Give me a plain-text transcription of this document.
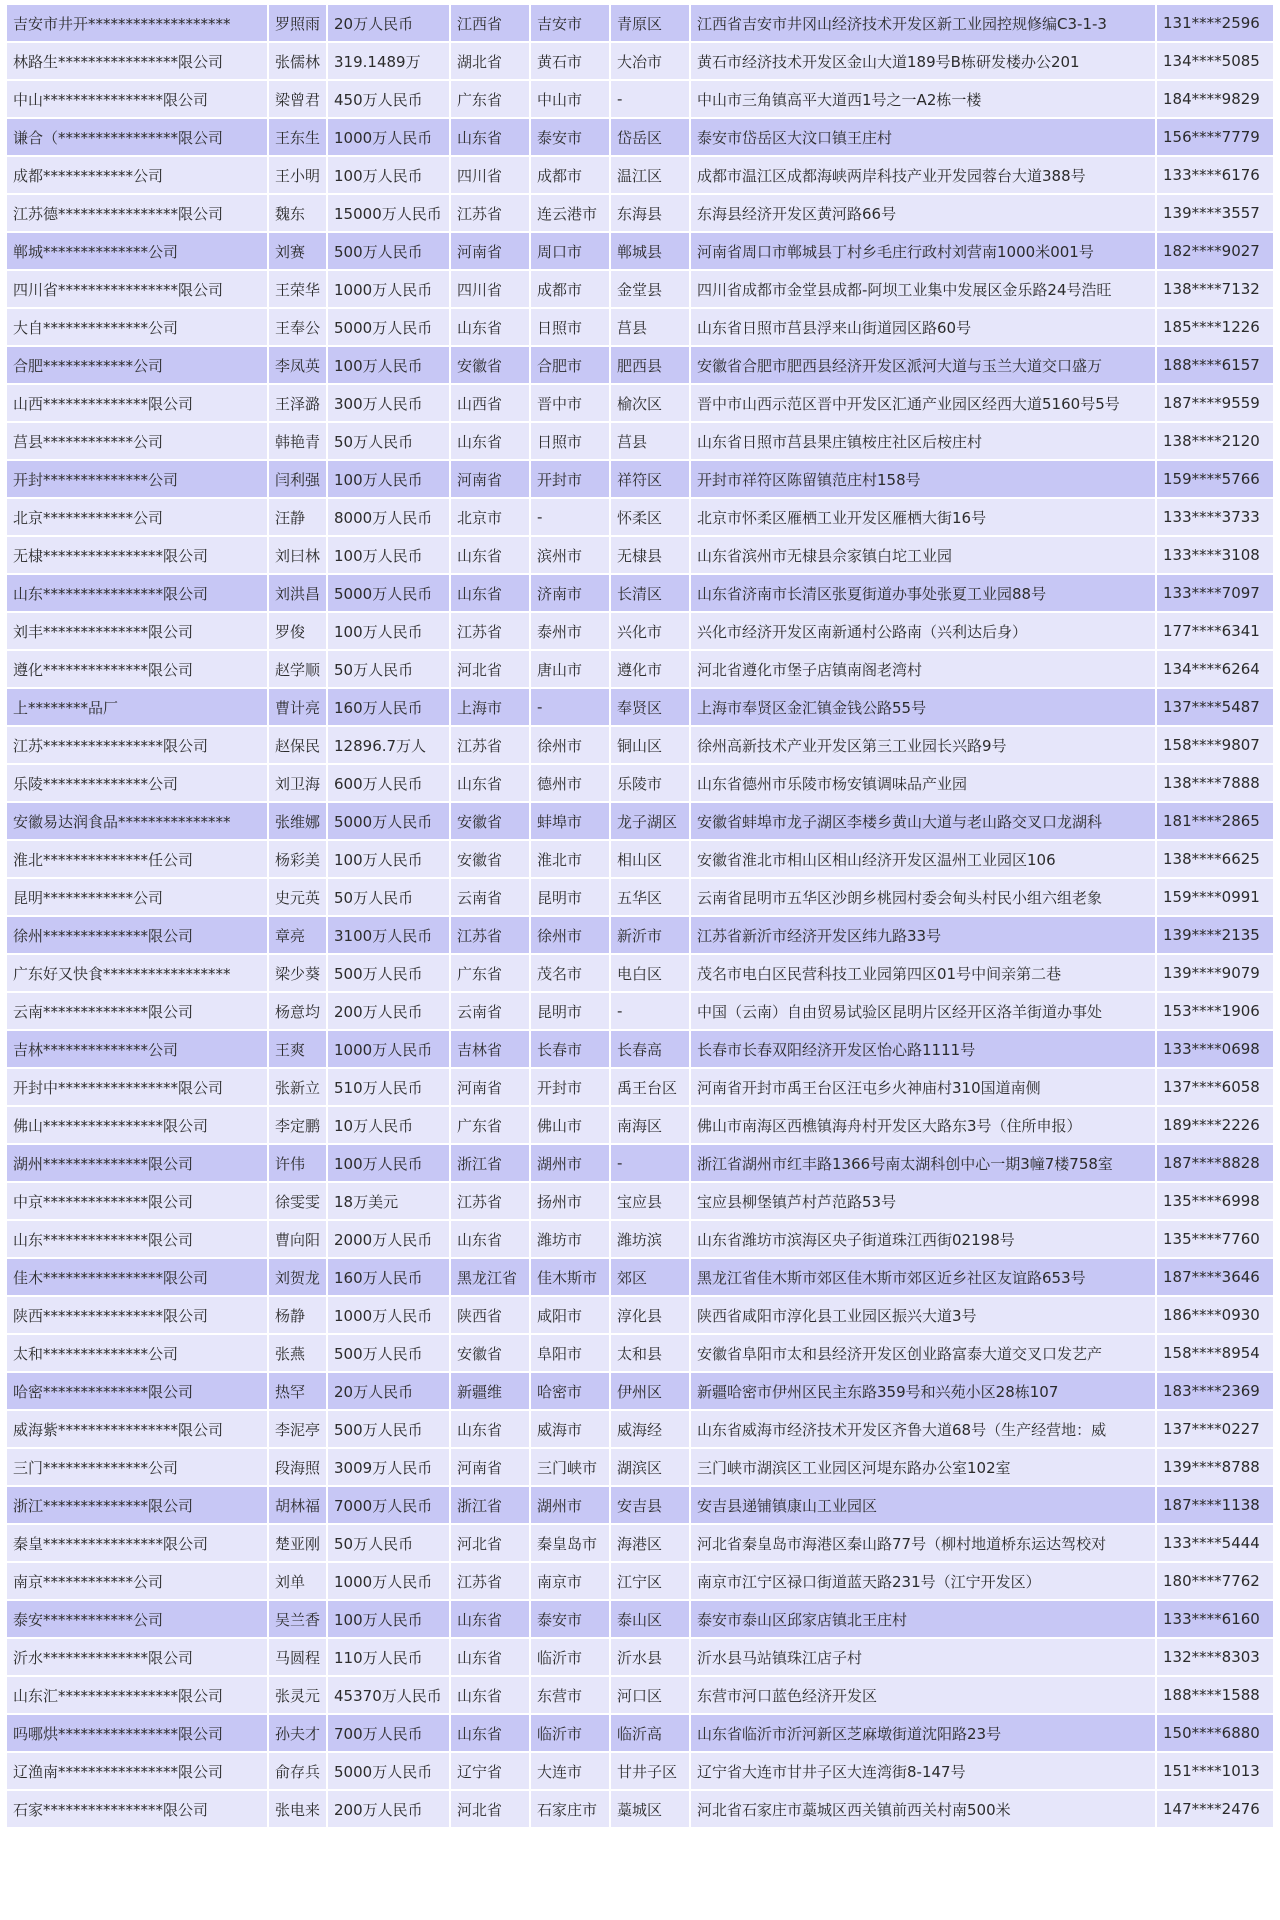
吉安市井开*******************	罗照雨	20万人民币	江西省	吉安市	青原区	江西省吉安市井冈山经济技术开发区新工业园控规修编C3-1-3	131****2596
林路生****************限公司	张儒林	319.1489万	湖北省	黄石市	大冶市	黄石市经济技术开发区金山大道189号B栋研发楼办公201	134****5085
中山****************限公司	梁曾君	450万人民币	广东省	中山市	-	中山市三角镇高平大道西1号之一A2栋一楼	184****9829
谦合（****************限公司	王东生	1000万人民币	山东省	泰安市	岱岳区	泰安市岱岳区大汶口镇王庄村	156****7779
成都************公司	王小明	100万人民币	四川省	成都市	温江区	成都市温江区成都海峡两岸科技产业开发园蓉台大道388号	133****6176
江苏德****************限公司	魏东	15000万人民币	江苏省	连云港市	东海县	东海县经济开发区黄河路66号	139****3557
郸城**************公司	刘赛	500万人民币	河南省	周口市	郸城县	河南省周口市郸城县丁村乡毛庄行政村刘营南1000米001号	182****9027
四川省****************限公司	王荣华	1000万人民币	四川省	成都市	金堂县	四川省成都市金堂县成都-阿坝工业集中发展区金乐路24号浩旺	138****7132
大自**************公司	王奉公	5000万人民币	山东省	日照市	莒县	山东省日照市莒县浮来山街道园区路60号	185****1226
合肥************公司	李凤英	100万人民币	安徽省	合肥市	肥西县	安徽省合肥市肥西县经济开发区派河大道与玉兰大道交口盛万	188****6157
山西**************限公司	王泽潞	300万人民币	山西省	晋中市	榆次区	晋中市山西示范区晋中开发区汇通产业园区经西大道5160号5号	187****9559
莒县************公司	韩艳青	50万人民币	山东省	日照市	莒县	山东省日照市莒县果庄镇桉庄社区后桉庄村	138****2120
开封**************公司	闫利强	100万人民币	河南省	开封市	祥符区	开封市祥符区陈留镇范庄村158号	159****5766
北京************公司	汪静	8000万人民币	北京市	-	怀柔区	北京市怀柔区雁栖工业开发区雁栖大街16号	133****3733
无棣****************限公司	刘曰林	100万人民币	山东省	滨州市	无棣县	山东省滨州市无棣县佘家镇白坨工业园	133****3108
山东****************限公司	刘洪昌	5000万人民币	山东省	济南市	长清区	山东省济南市长清区张夏街道办事处张夏工业园88号	133****7097
刘丰**************限公司	罗俊	100万人民币	江苏省	泰州市	兴化市	兴化市经济开发区南新通村公路南（兴利达后身）	177****6341
遵化**************限公司	赵学顺	50万人民币	河北省	唐山市	遵化市	河北省遵化市堡子店镇南阁老湾村	134****6264
上********品厂	曹计亮	160万人民币	上海市	-	奉贤区	上海市奉贤区金汇镇金钱公路55号	137****5487
江苏****************限公司	赵保民	12896.7万人	江苏省	徐州市	铜山区	徐州高新技术产业开发区第三工业园长兴路9号	158****9807
乐陵**************公司	刘卫海	600万人民币	山东省	德州市	乐陵市	山东省德州市乐陵市杨安镇调味品产业园	138****7888
安徽易达润食品***************	张维娜	5000万人民币	安徽省	蚌埠市	龙子湖区	安徽省蚌埠市龙子湖区李楼乡黄山大道与老山路交叉口龙湖科	181****2865
淮北**************任公司	杨彩美	100万人民币	安徽省	淮北市	相山区	安徽省淮北市相山区相山经济开发区温州工业园区106	138****6625
昆明************公司	史元英	50万人民币	云南省	昆明市	五华区	云南省昆明市五华区沙朗乡桃园村委会甸头村民小组六组老象	159****0991
徐州**************限公司	章亮	3100万人民币	江苏省	徐州市	新沂市	江苏省新沂市经济开发区纬九路33号	139****2135
广东好又快食*****************	梁少葵	500万人民币	广东省	茂名市	电白区	茂名市电白区民营科技工业园第四区01号中间亲第二巷	139****9079
云南**************限公司	杨意均	200万人民币	云南省	昆明市	-	中国（云南）自由贸易试验区昆明片区经开区洛羊街道办事处	153****1906
吉林**************公司	王爽	1000万人民币	吉林省	长春市	长春高	长春市长春双阳经济开发区怡心路1111号	133****0698
开封中****************限公司	张新立	510万人民币	河南省	开封市	禹王台区	河南省开封市禹王台区汪屯乡火神庙村310国道南侧	137****6058
佛山****************限公司	李定鹏	10万人民币	广东省	佛山市	南海区	佛山市南海区西樵镇海舟村开发区大路东3号（住所申报）	189****2226
湖州**************限公司	许伟	100万人民币	浙江省	湖州市	-	浙江省湖州市红丰路1366号南太湖科创中心一期3幢7楼758室	187****8828
中京**************限公司	徐雯雯	18万美元	江苏省	扬州市	宝应县	宝应县柳堡镇芦村芦范路53号	135****6998
山东**************限公司	曹向阳	2000万人民币	山东省	潍坊市	潍坊滨	山东省潍坊市滨海区央子街道珠江西街02198号	135****7760
佳木****************限公司	刘贺龙	160万人民币	黑龙江省	佳木斯市	郊区	黑龙江省佳木斯市郊区佳木斯市郊区近乡社区友谊路653号	187****3646
陕西****************限公司	杨静	1000万人民币	陕西省	咸阳市	淳化县	陕西省咸阳市淳化县工业园区振兴大道3号	186****0930
太和**************公司	张燕	500万人民币	安徽省	阜阳市	太和县	安徽省阜阳市太和县经济开发区创业路富泰大道交叉口发艺产	158****8954
哈密**************限公司	热罕	20万人民币	新疆维	哈密市	伊州区	新疆哈密市伊州区民主东路359号和兴苑小区28栋107	183****2369
威海紫****************限公司	李泥亭	500万人民币	山东省	威海市	威海经	山东省威海市经济技术开发区齐鲁大道68号（生产经营地：威	137****0227
三门**************公司	段海照	3009万人民币	河南省	三门峡市	湖滨区	三门峡市湖滨区工业园区河堤东路办公室102室	139****8788
浙江**************限公司	胡林福	7000万人民币	浙江省	湖州市	安吉县	安吉县递铺镇康山工业园区	187****1138
秦皇****************限公司	楚亚刚	50万人民币	河北省	秦皇岛市	海港区	河北省秦皇岛市海港区秦山路77号（柳村地道桥东运达驾校对	133****5444
南京************公司	刘单	1000万人民币	江苏省	南京市	江宁区	南京市江宁区禄口街道蓝天路231号（江宁开发区）	180****7762
泰安************公司	吴兰香	100万人民币	山东省	泰安市	泰山区	泰安市泰山区邱家店镇北王庄村	133****6160
沂水**************限公司	马圆程	110万人民币	山东省	临沂市	沂水县	沂水县马站镇珠江店子村	132****8303
山东汇****************限公司	张灵元	45370万人民币	山东省	东营市	河口区	东营市河口蓝色经济开发区	188****1588
吗哪烘****************限公司	孙夫才	700万人民币	山东省	临沂市	临沂高	山东省临沂市沂河新区芝麻墩街道沈阳路23号	150****6880
辽渔南****************限公司	俞存兵	5000万人民币	辽宁省	大连市	甘井子区	辽宁省大连市甘井子区大连湾街8-147号	151****1013
石家****************限公司	张电来	200万人民币	河北省	石家庄市	藁城区	河北省石家庄市藁城区西关镇前西关村南500米	147****2476
